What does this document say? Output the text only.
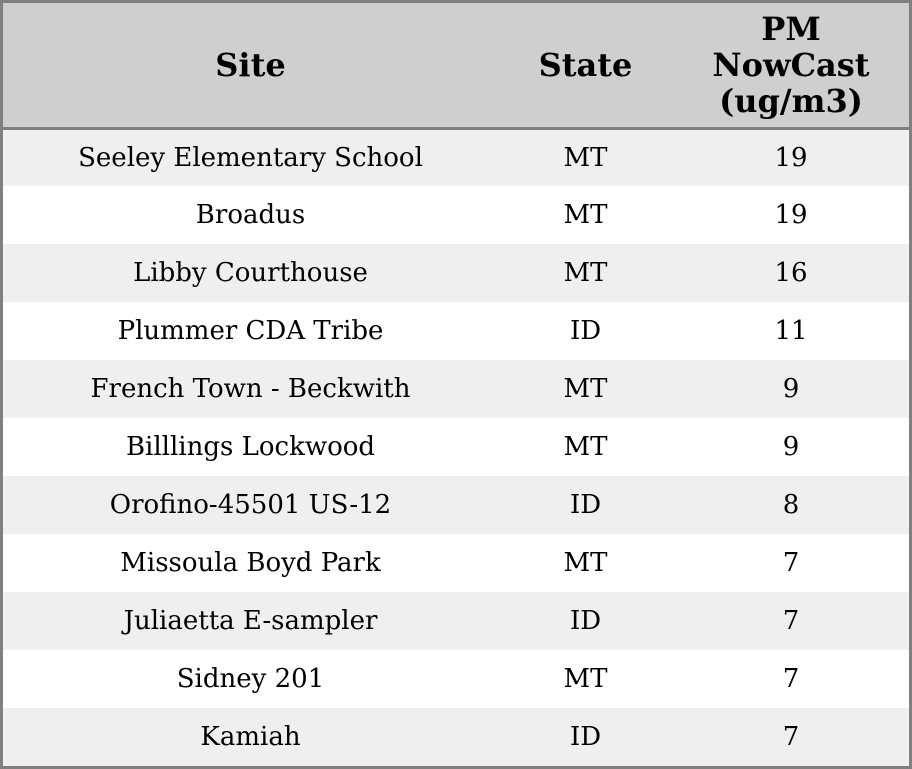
Site	State	PM
NowCast
(ug/m3)

Seeley Elementary School	MT	19
Broadus	MT	19
Libby Courthouse	MT	16
Plummer CDA Tribe	ID	11
French Town - Beckwith	MT	9
Billlings Lockwood	MT	9
Orofino-45501 US-12	ID	8
Missoula Boyd Park	MT	7
Juliaetta E-sampler	ID	7
Sidney 201	MT	7
Kamiah	ID	7
